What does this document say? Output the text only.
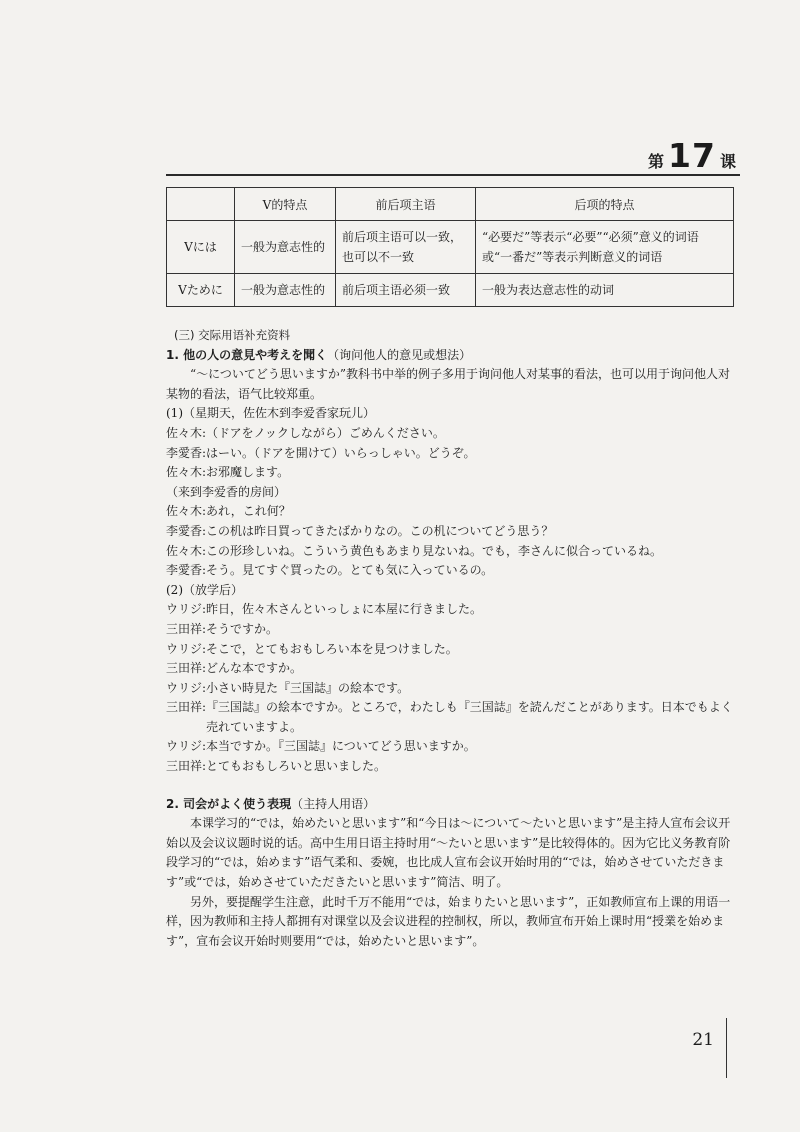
第 17 课
	V的特点	前后项主语	后项的特点
Vには	一般为意志性的	前后项主语可以一致，也可以不一致	“必要だ”等表示“必要”“必须”意义的词语或“一番だ”等表示判断意义的词语
Vために	一般为意志性的	前后项主语必须一致	一般为表达意志性的动词

(三) 交际用语补充资料

1. 他の人の意見や考えを聞く（询问他人的意见或想法）

“～についてどう思いますか”教科书中举的例子多用于询问他人对某事的看法，也可以用于询问他人对某物的看法，语气比较郑重。

(1)（星期天，佐佐木到李爱香家玩儿）

佐々木: （ドアをノックしながら）ごめんください。
李愛香: はーい。（ドアを開けて）いらっしゃい。どうぞ。
佐々木: お邪魔します。

（来到李爱香的房间）

佐々木: あれ，これ何？
李愛香: この机は昨日買ってきたばかりなの。この机についてどう思う？
佐々木: この形珍しいね。こういう黄色もあまり見ないね。でも，李さんに似合っているね。
李愛香: そう。見てすぐ買ったの。とても気に入っているの。

(2)（放学后）

ウリジ: 昨日，佐々木さんといっしょに本屋に行きました。
三田祥: そうですか。
ウリジ: そこで，とてもおもしろい本を見つけました。
三田祥: どんな本ですか。
ウリジ: 小さい時見た『三国誌』の絵本です。
三田祥: 『三国誌』の絵本ですか。ところで，わたしも『三国誌』を読んだことがあります。日本でもよく売れていますよ。
ウリジ: 本当ですか。『三国誌』についてどう思いますか。
三田祥: とてもおもしろいと思いました。

2. 司会がよく使う表現（主持人用语）

本课学习的“では，始めたいと思います”和“今日は～について～たいと思います”是主持人宣布会议开始以及会议议题时说的话。高中生用日语主持时用“～たいと思います”是比较得体的。因为它比义务教育阶段学习的“では，始めます”语气柔和、委婉，也比成人宣布会议开始时用的“では，始めさせていただきます”或“では，始めさせていただきたいと思います”简洁、明了。

另外，要提醒学生注意，此时千万不能用“では，始まりたいと思います”，正如教师宣布上课的用语一样，因为教师和主持人都拥有对课堂以及会议进程的控制权，所以，教师宣布开始上课时用“授業を始めます”，宣布会议开始时则要用“では，始めたいと思います”。

21
